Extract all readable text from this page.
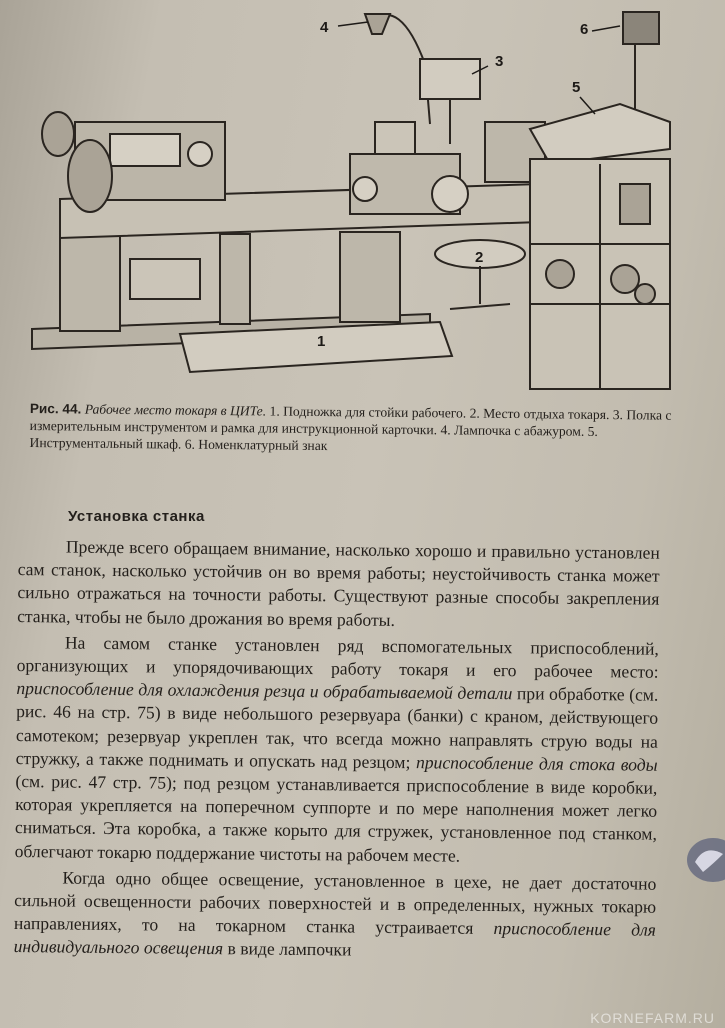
4	6
3
5
2
1
Рис. 44. Рабочее место токаря в ЦИТе. 1. Подножка для стойки рабочего. 2. Место отдыха токаря. 3. Полка с измерительным инструментом и рамка для инструкционной карточки. 4. Лампочка с абажуром. 5. Инструментальный шкаф. 6. Номенклатурный знак
Установка станка

Прежде всего обращаем внимание, насколько хорошо и правильно установлен сам станок, насколько устойчив он во время работы; неустойчивость станка может сильно отражаться на точности работы. Существуют разные способы закрепления станка, чтобы не было дрожания во время работы.

На самом станке установлен ряд вспомогательных приспособлений, организующих и упорядочивающих работу токаря и его рабочее место: приспособление для охлаждения резца и обрабатываемой детали при обработке (см. рис. 46 на стр. 75) в виде небольшого резервуара (банки) с краном, действующего самотеком; резервуар укреплен так, что всегда можно направлять струю воды на стружку, а также поднимать и опускать над резцом; приспособление для стока воды (см. рис. 47 стр. 75); под резцом устанавливается приспособление в виде коробки, которая укрепляется на поперечном суппорте и по мере наполнения может легко сниматься. Эта коробка, а также корыто для стружек, установленное под станком, облегчают токарю поддержание чистоты на рабочем месте.

Когда одно общее освещение, установленное в цехе, не дает достаточно сильной освещенности рабочих поверхностей и в определенных, нужных токарю направлениях, то на токарном станка устраивается приспособление для индивидуального освещения в виде лампочки

KORNEFARM.RU
